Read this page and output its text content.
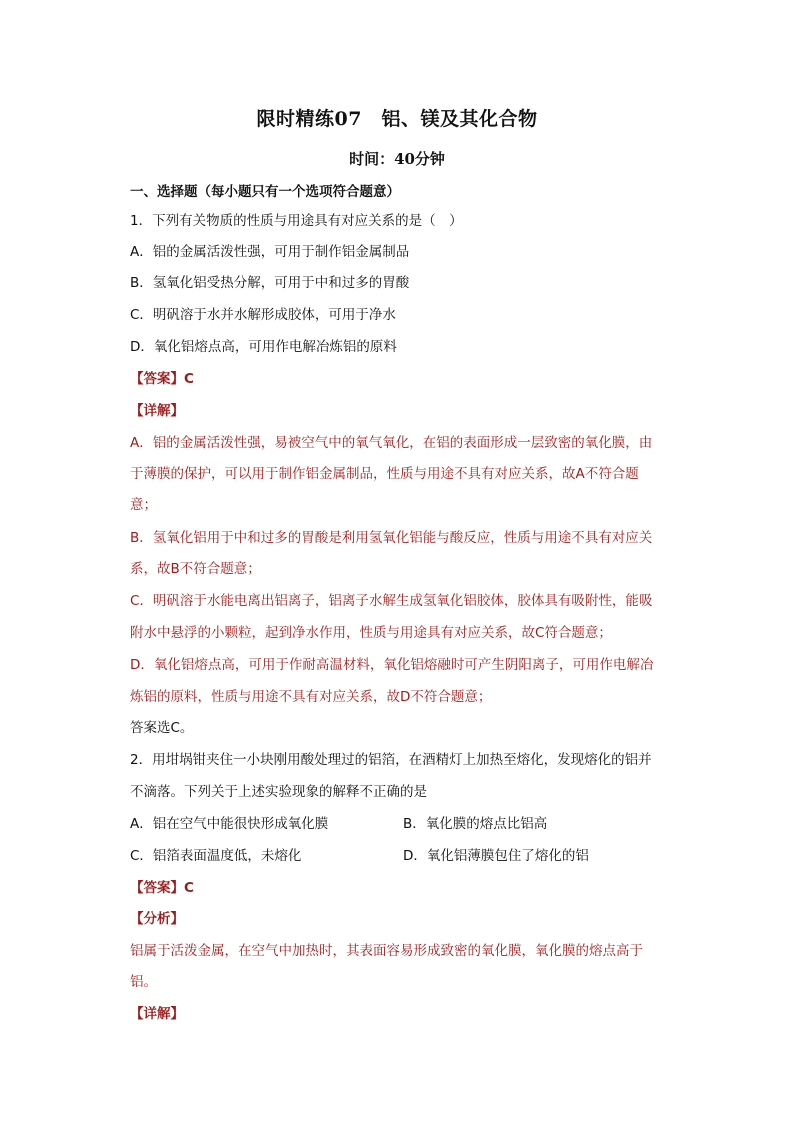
限时精练07　铝、镁及其化合物
时间：40分钟
一、选择题（每小题只有一个选项符合题意）
1．下列有关物质的性质与用途具有对应关系的是（　）
A．铝的金属活泼性强，可用于制作铝金属制品
B．氢氧化铝受热分解，可用于中和过多的胃酸
C．明矾溶于水并水解形成胶体，可用于净水
D．氧化铝熔点高，可用作电解冶炼铝的原料
【答案】C
【详解】
A．铝的金属活泼性强，易被空气中的氧气氧化，在铝的表面形成一层致密的氧化膜，由
于薄膜的保护，可以用于制作铝金属制品，性质与用途不具有对应关系，故A不符合题
意；
B．氢氧化铝用于中和过多的胃酸是利用氢氧化铝能与酸反应，性质与用途不具有对应关
系，故B不符合题意；
C．明矾溶于水能电离出铝离子，铝离子水解生成氢氧化铝胶体，胶体具有吸附性，能吸
附水中悬浮的小颗粒，起到净水作用，性质与用途具有对应关系，故C符合题意；
D．氧化铝熔点高，可用于作耐高温材料，氧化铝熔融时可产生阴阳离子，可用作电解冶
炼铝的原料，性质与用途不具有对应关系，故D不符合题意；
答案选C。
2．用坩埚钳夹住一小块刚用酸处理过的铝箔，在酒精灯上加热至熔化，发现熔化的铝并
不滴落。下列关于上述实验现象的解释不正确的是
A．铝在空气中能很快形成氧化膜	B．氧化膜的熔点比铝高
C．铝箔表面温度低，未熔化	D．氧化铝薄膜包住了熔化的铝
【答案】C
【分析】
铝属于活泼金属，在空气中加热时，其表面容易形成致密的氧化膜，氧化膜的熔点高于
铝。
【详解】
